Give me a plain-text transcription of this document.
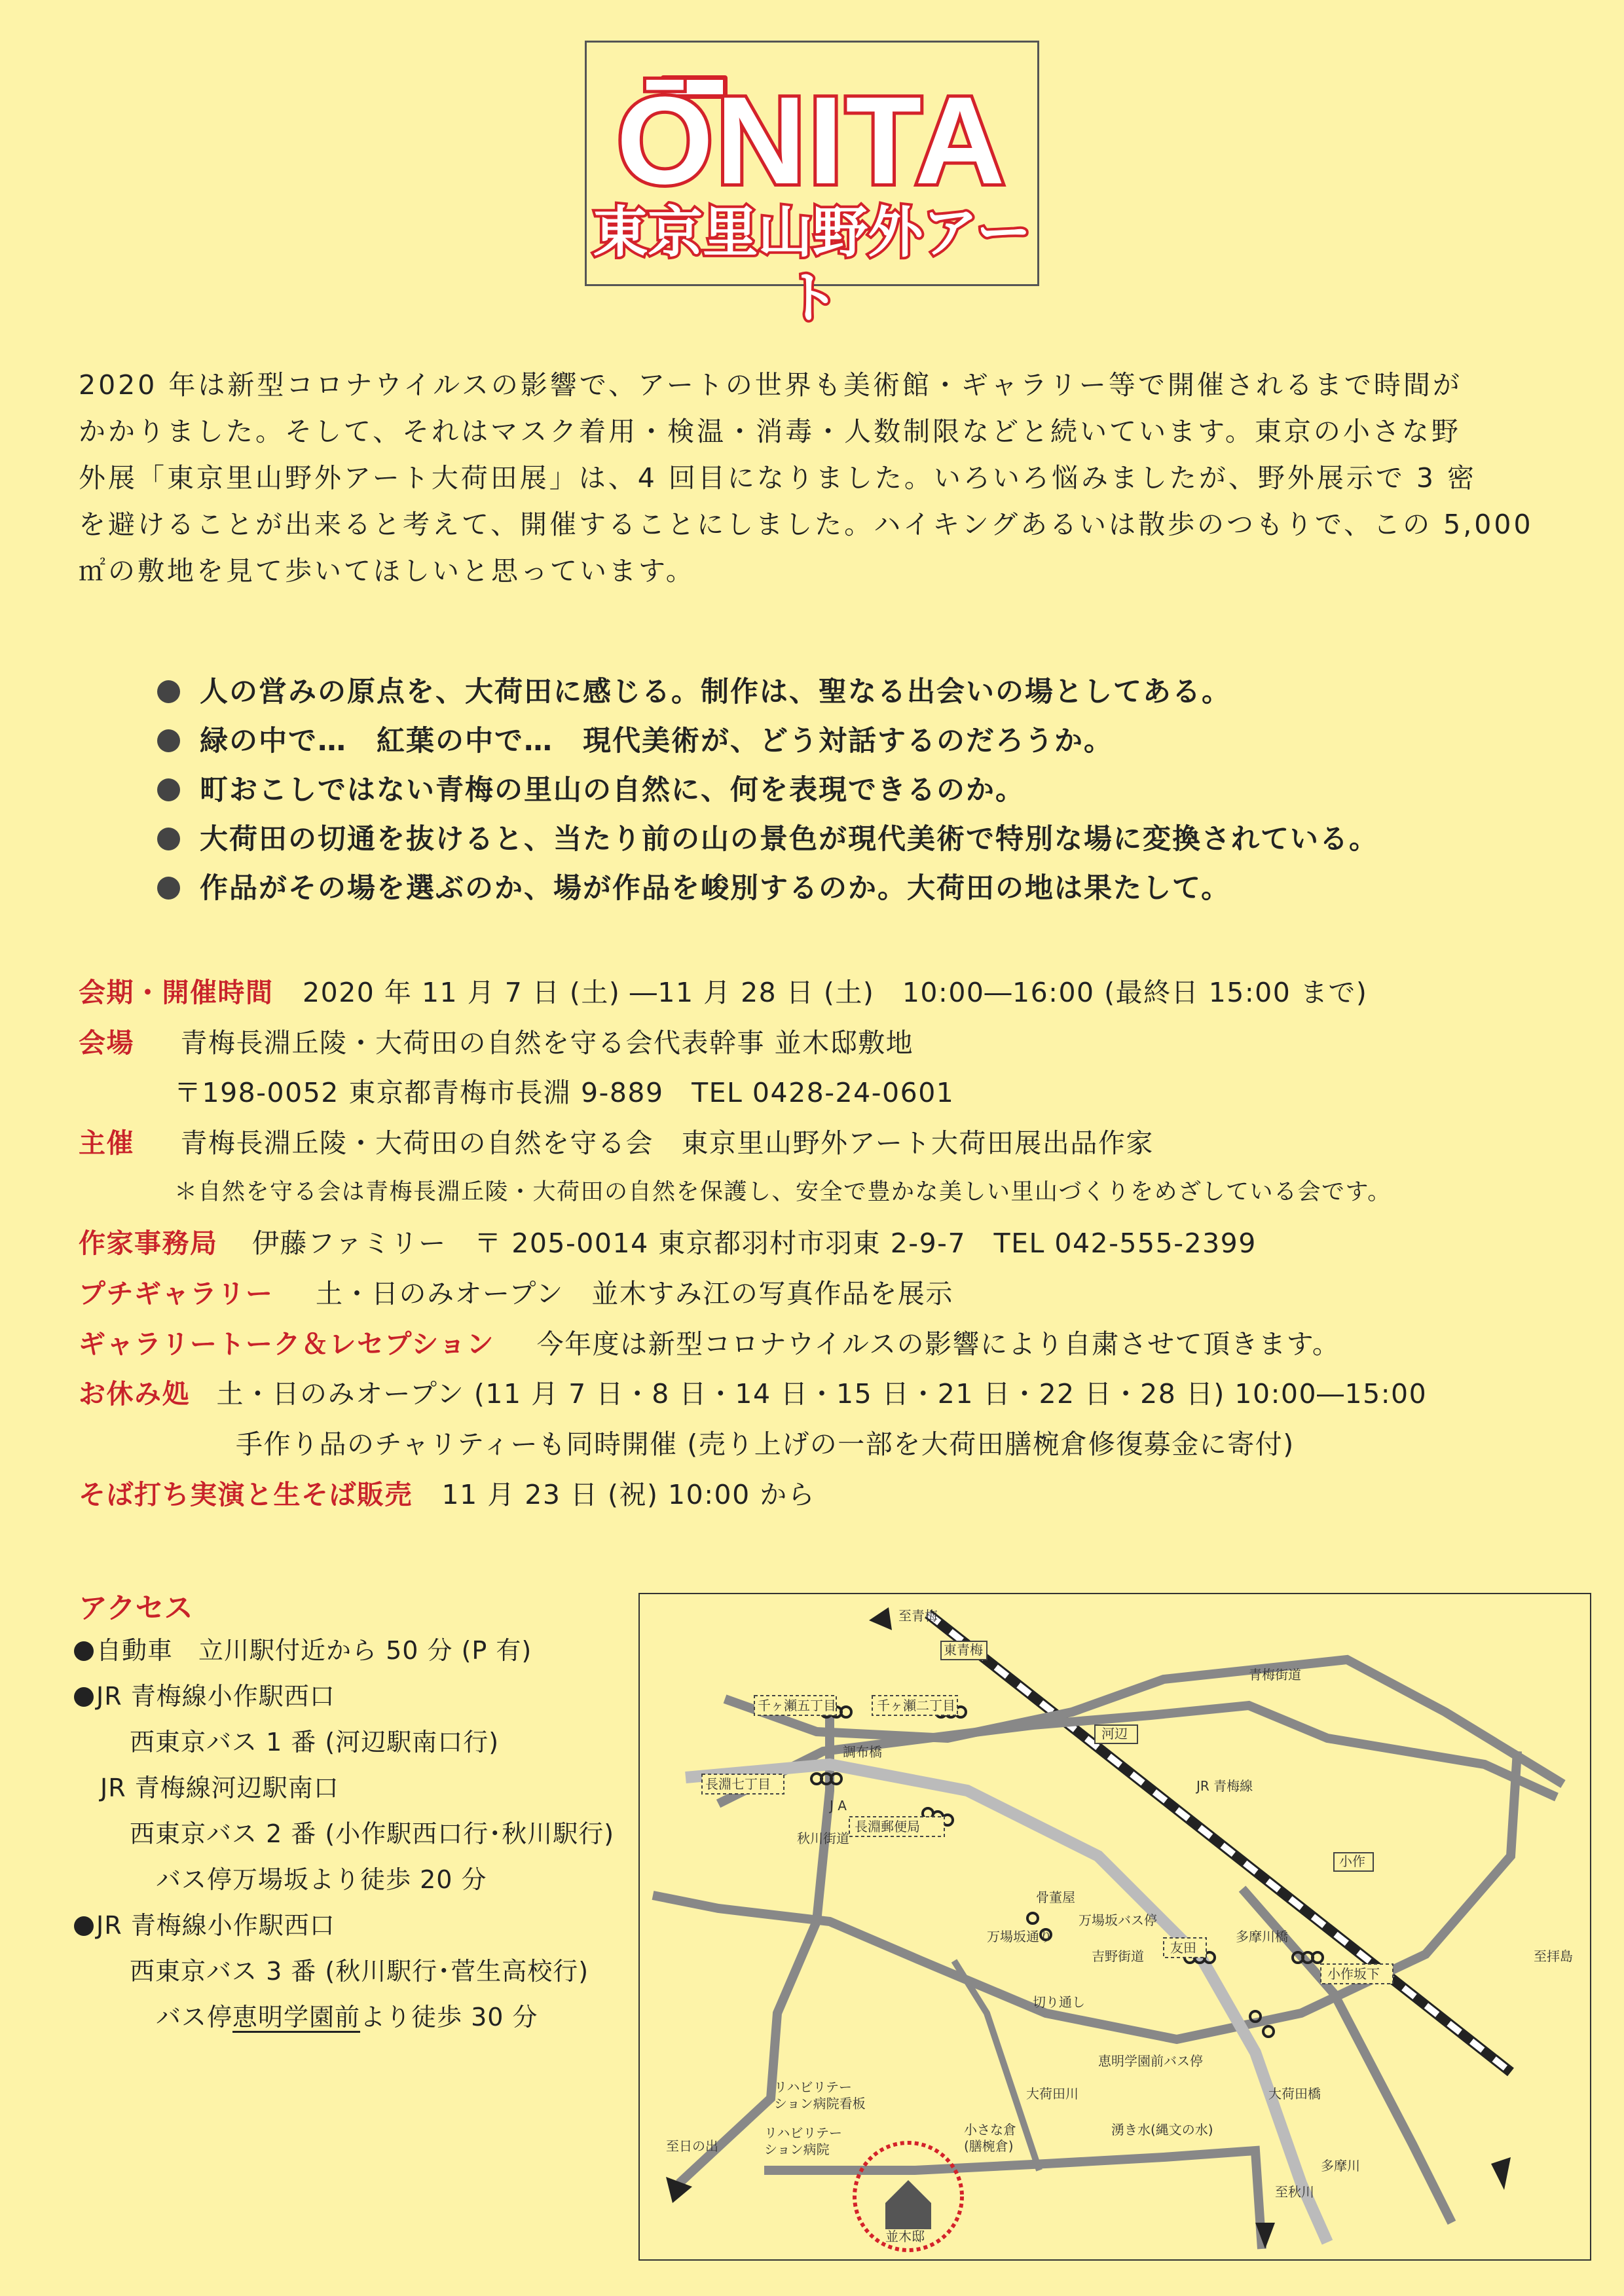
ŌNITA
東京里山野外アート

2020 年は新型コロナウイルスの影響で、アートの世界も美術館・ギャラリー等で開催されるまで時間が

かかりました。そして、それはマスク着用・検温・消毒・人数制限などと続いています。東京の小さな野

外展「東京里山野外アート大荷田展」は、4 回目になりました。いろいろ悩みましたが、野外展示で 3 密

を避けることが出来ると考えて、開催することにしました。ハイキングあるいは散歩のつもりで、この 5,000

㎡の敷地を見て歩いてほしいと思っています。

人の営みの原点を、大荷田に感じる。制作は、聖なる出会いの場としてある。
緑の中で…　紅葉の中で…　現代美術が、どう対話するのだろうか。
町おこしではない青梅の里山の自然に、何を表現できるのか。
大荷田の切通を抜けると、当たり前の山の景色が現代美術で特別な場に変換されている。
作品がその場を選ぶのか、場が作品を峻別するのか。大荷田の地は果たして。
会期・開催時間 2020 年 11 月 7 日 (土) ―11 月 28 日 (土)　10:00―16:00 (最終日 15:00 まで)
会場 青梅長淵丘陵・大荷田の自然を守る会代表幹事 並木邸敷地
〒198-0052 東京都青梅市長淵 9-889　TEL 0428-24-0601
主催 青梅長淵丘陵・大荷田の自然を守る会　東京里山野外アート大荷田展出品作家
＊自然を守る会は青梅長淵丘陵・大荷田の自然を保護し、安全で豊かな美しい里山づくりをめざしている会です。
作家事務局 伊藤ファミリー　〒 205-0014 東京都羽村市羽東 2-9-7　TEL 042-555-2399
プチギャラリー 土・日のみオープン　並木すみ江の写真作品を展示
ギャラリートーク＆レセプション 今年度は新型コロナウイルスの影響により自粛させて頂きます。
お休み処 土・日のみオープン (11 月 7 日・8 日・14 日・15 日・21 日・22 日・28 日) 10:00―15:00
手作り品のチャリティーも同時開催 (売り上げの一部を大荷田膳椀倉修復募金に寄付)
そば打ち実演と生そば販売 11 月 23 日 (祝) 10:00 から
アクセス
自動車　立川駅付近から 50 分 (P 有)
JR 青梅線小作駅西口
西東京バス 1 番 (河辺駅南口行)
JR 青梅線河辺駅南口
西東京バス 2 番 (小作駅西口行･秋川駅行)
バス停万場坂より徒歩 20 分
JR 青梅線小作駅西口
西東京バス 3 番 (秋川駅行･菅生高校行)
バス停恵明学園前より徒歩 30 分
至青梅
東青梅
河辺
JR 青梅線
青梅街道
小作
至拝島
千ヶ瀬五丁目	千ヶ瀬二丁目
調布橋
長淵七丁目
J A
秋川街道
長淵郵便局
骨董屋
万場坂バス停
万場坂通り
切り通し
吉野街道
友田
多摩川橋
小作坂下
恵明学園前バス停
大荷田川	大荷田橋
リハビリテー
ション病院看板
リハビリテー
ション病院
小さな倉
(膳椀倉)
湧き水(縄文の水)
並木邸
至日の出
至秋川
多摩川
